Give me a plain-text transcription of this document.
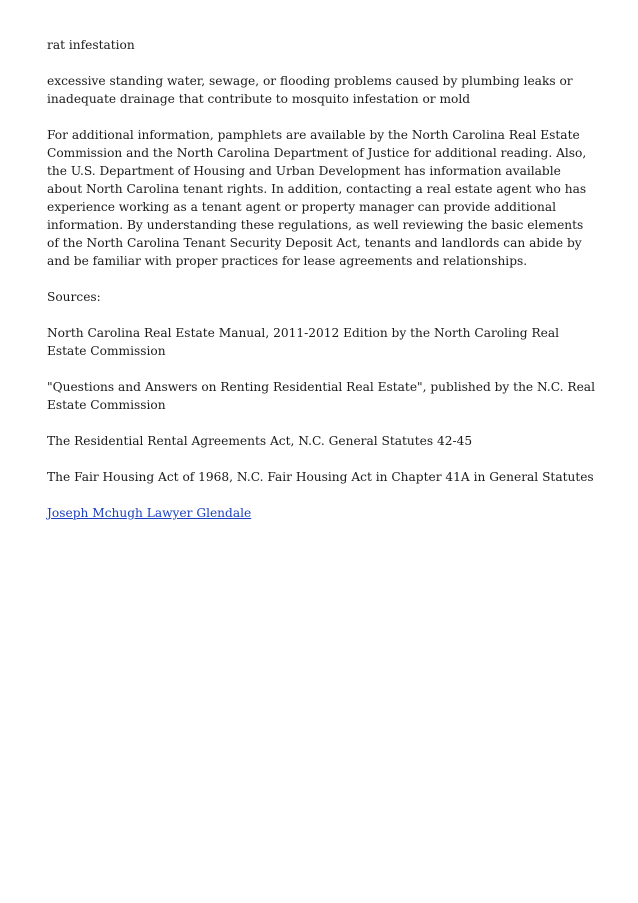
rat infestation

excessive standing water, sewage, or flooding problems caused by plumbing leaks or inadequate drainage that contribute to mosquito infestation or mold

For additional information, pamphlets are available by the North Carolina Real Estate Commission and the North Carolina Department of Justice for additional reading. Also, the U.S. Department of Housing and Urban Development has information available about North Carolina tenant rights. In addition, contacting a real estate agent who has experience working as a tenant agent or property manager can provide additional information. By understanding these regulations, as well reviewing the basic elements of the North Carolina Tenant Security Deposit Act, tenants and landlords can abide by and be familiar with proper practices for lease agreements and relationships.

Sources:

North Carolina Real Estate Manual, 2011-2012 Edition by the North Caroling Real Estate Commission

"Questions and Answers on Renting Residential Real Estate", published by the N.C. Real Estate Commission

The Residential Rental Agreements Act, N.C. General Statutes 42-45

The Fair Housing Act of 1968, N.C. Fair Housing Act in Chapter 41A in General Statutes

Joseph Mchugh Lawyer Glendale
